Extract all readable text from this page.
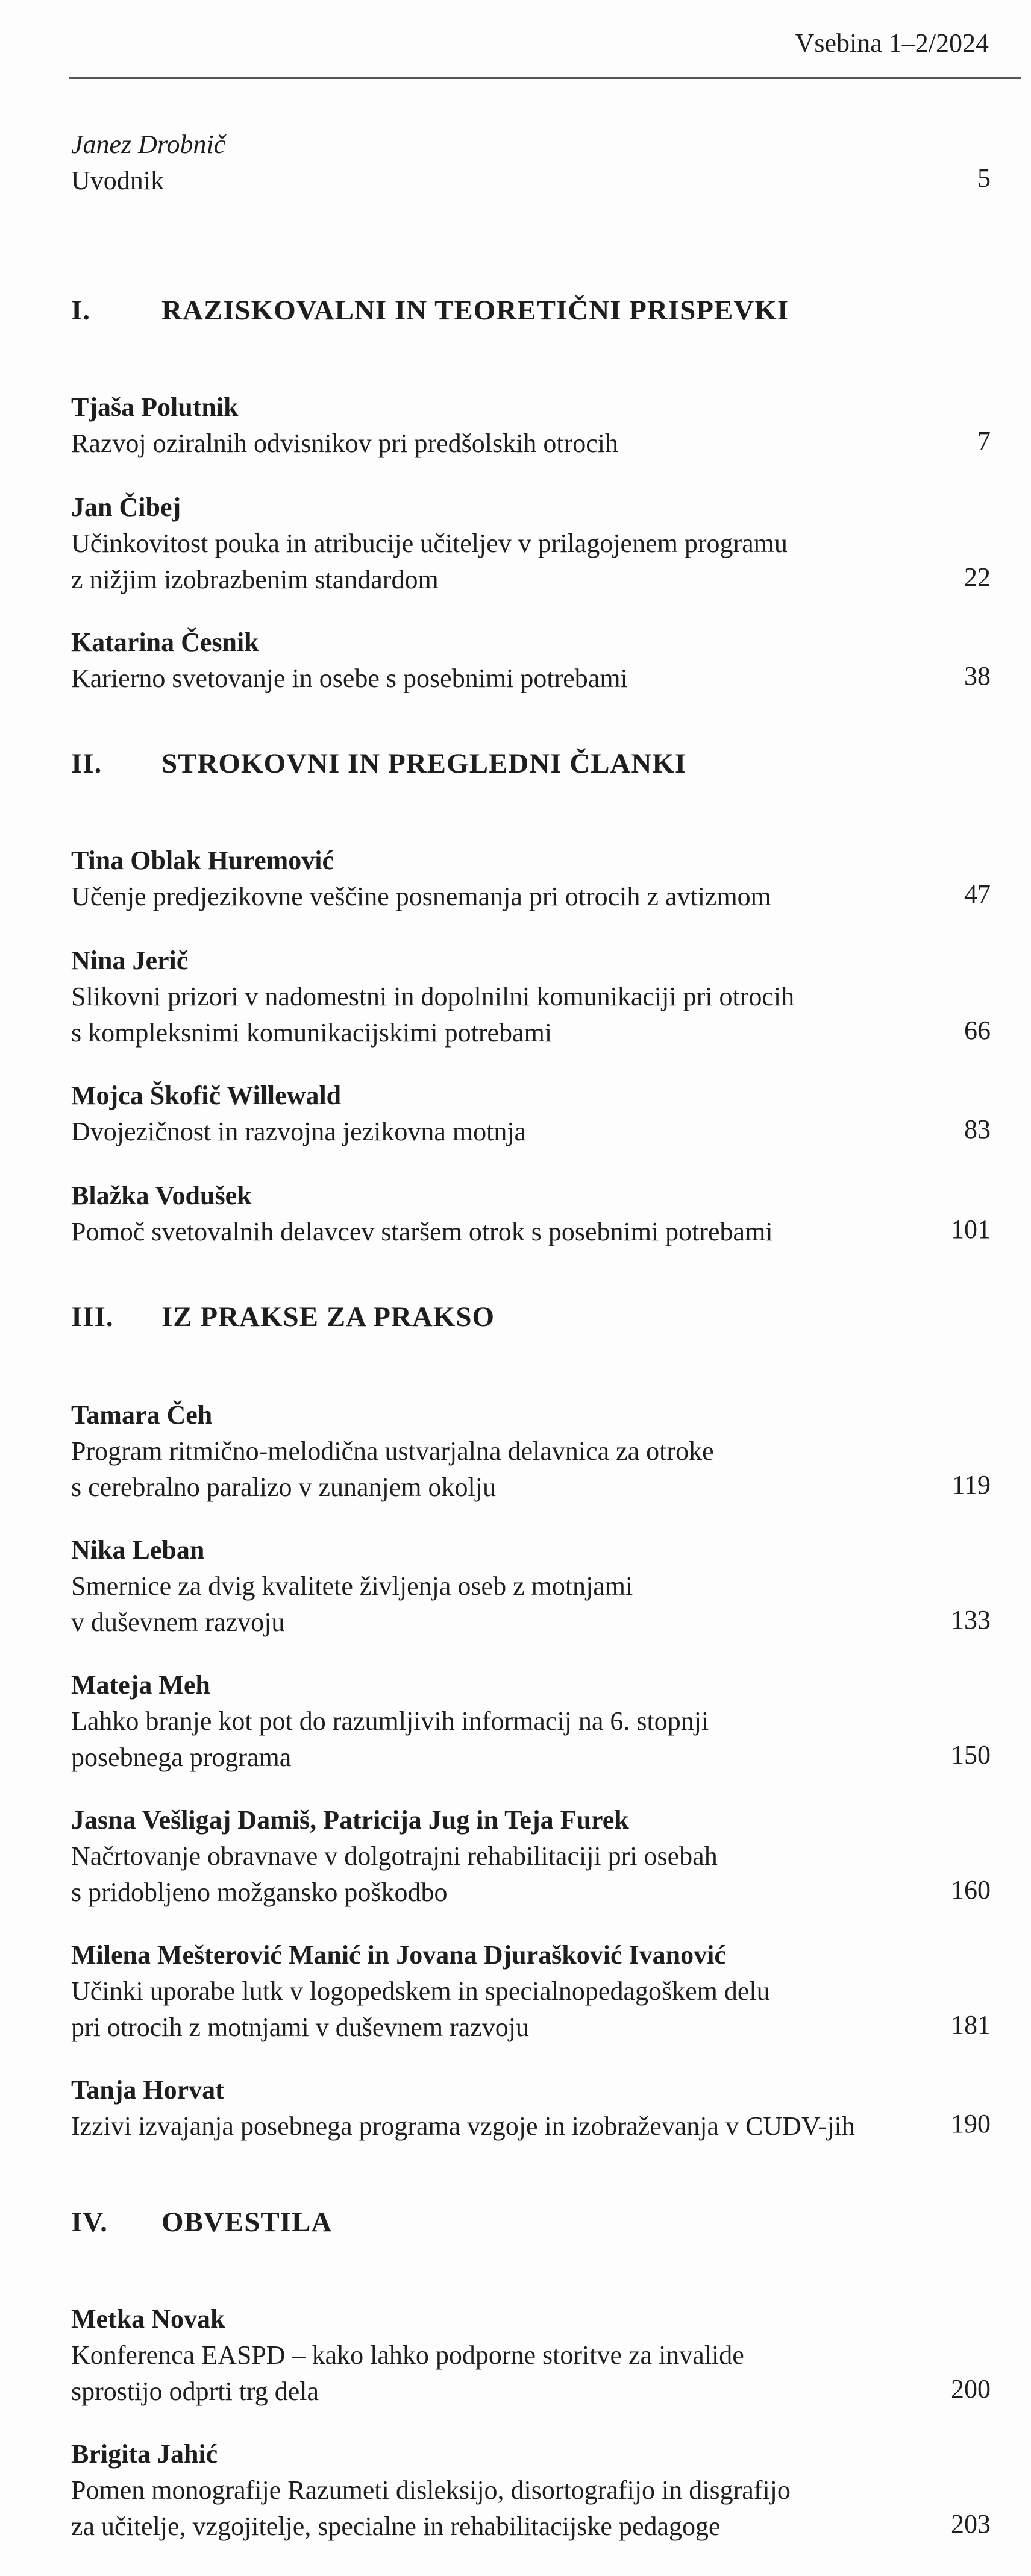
Vsebina 1–2/2024
Janez Drobnič
Uvodnik	5
I.	RAZISKOVALNI IN TEORETIČNI PRISPEVKI
Tjaša Polutnik
Razvoj oziralnih odvisnikov pri predšolskih otrocih	7
Jan Čibej
Učinkovitost pouka in atribucije učiteljev v prilagojenem programu
z nižjim izobrazbenim standardom	22
Katarina Česnik
Karierno svetovanje in osebe s posebnimi potrebami	38
II. STROKOVNI IN PREGLEDNI ČLANKI
Tina Oblak Huremović
Učenje predjezikovne veščine posnemanja pri otrocih z avtizmom	47
Nina Jerič
Slikovni prizori v nadomestni in dopolnilni komunikaciji pri otrocih
s kompleksnimi komunikacijskimi potrebami	66
Mojca Škofič Willewald
Dvojezičnost in razvojna jezikovna motnja	83
Blažka Vodušek
Pomoč svetovalnih delavcev staršem otrok s posebnimi potrebami	101
III. IZ PRAKSE ZA PRAKSO
Tamara Čeh
Program ritmično-melodična ustvarjalna delavnica za otroke
s cerebralno paralizo v zunanjem okolju	119
Nika Leban
Smernice za dvig kvalitete življenja oseb z motnjami
v duševnem razvoju	133
Mateja Meh
Lahko branje kot pot do razumljivih informacij na 6. stopnji
posebnega programa	150
Jasna Vešligaj Damiš, Patricija Jug in Teja Furek
Načrtovanje obravnave v dolgotrajni rehabilitaciji pri osebah
s pridobljeno možgansko poškodbo	160
Milena Mešterović Manić in Jovana Djurašković Ivanović
Učinki uporabe lutk v logopedskem in specialnopedagoškem delu
pri otrocih z motnjami v duševnem razvoju	181
Tanja Horvat
Izzivi izvajanja posebnega programa vzgoje in izobraževanja v CUDV-jih	190
IV. OBVESTILA
Metka Novak
Konferenca EASPD – kako lahko podporne storitve za invalide
sprostijo odprti trg dela	200
Brigita Jahić
Pomen monografije Razumeti disleksijo, disortografijo in disgrafijo
za učitelje, vzgojitelje, specialne in rehabilitacijske pedagoge	203
